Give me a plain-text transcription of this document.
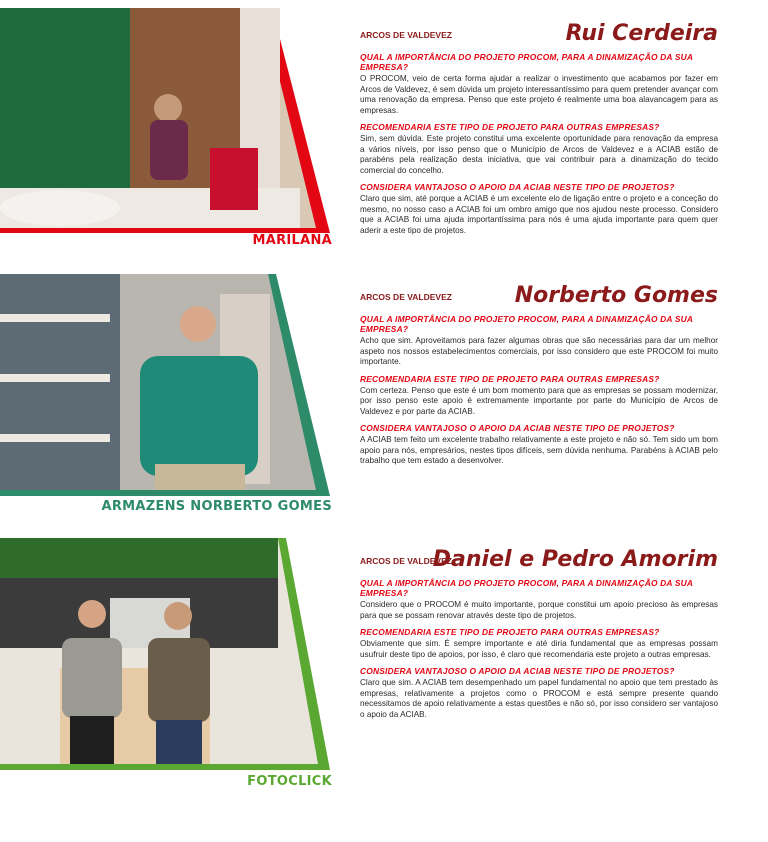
MARILANA
ARCOS DE VALDEVEZ	Rui Cerdeira
QUAL A IMPORTÂNCIA DO PROJETO PROCOM, PARA A DINAMIZAÇÃO DA SUA EMPRESA?

O PROCOM, veio de certa forma ajudar a realizar o investimento que acabamos por fazer em Arcos de Valdevez, é sem dúvida um projeto interessantíssimo para quem pretender avançar com uma renovação da empresa. Penso que este projeto é realmente uma boa alavancagem para as empresas.

RECOMENDARIA ESTE TIPO DE PROJETO PARA OUTRAS EMPRESAS?

Sim, sem dúvida. Este projeto constitui uma excelente oportunidade para renovação da empresa a vários níveis, por isso penso que o Município de Arcos de Valdevez e a ACIAB estão de parabéns pela realização desta iniciativa, que vai contribuir para a dinamização do tecido comercial do concelho.

CONSIDERA VANTAJOSO O APOIO DA ACIAB NESTE TIPO DE PROJETOS?

Claro que sim, até porque a ACIAB é um excelente elo de ligação entre o projeto e a conceção do mesmo, no nosso caso a ACIAB foi um ombro amigo que nos ajudou neste processo. Considero que a ACIAB foi uma ajuda importantíssima para nós é uma ajuda importante para quem quer aderir a este tipo de projetos.

ARMAZENS NORBERTO GOMES
ARCOS DE VALDEVEZ	Norberto Gomes
QUAL A IMPORTÂNCIA DO PROJETO PROCOM, PARA A DINAMIZAÇÃO DA SUA EMPRESA?

Acho que sim. Aproveitamos para fazer algumas obras que são necessárias para dar um melhor aspeto nos nossos estabelecimentos comerciais, por isso considero que este PROCOM foi muito importante.

RECOMENDARIA ESTE TIPO DE PROJETO PARA OUTRAS EMPRESAS?

Com certeza. Penso que este é um bom momento para que as empresas se possam modernizar, por isso penso este apoio é extremamente importante por parte do Município de Arcos de Valdevez e por parte da ACIAB.

CONSIDERA VANTAJOSO O APOIO DA ACIAB NESTE TIPO DE PROJETOS?

A ACIAB tem feito um excelente trabalho relativamente a este projeto e não só. Tem sido um bom apoio para nós, empresários, nestes tipos difíceis, sem dúvida nenhuma. Parabéns à ACIAB pelo trabalho que tem estado a desenvolver.

FOTOCLICK
ARCOS DE VALDEVEZ
Daniel e Pedro Amorim
QUAL A IMPORTÂNCIA DO PROJETO PROCOM, PARA A DINAMIZAÇÃO DA SUA EMPRESA?

Considero que o PROCOM é muito importante, porque constitui um apoio precioso às empresas para que se possam renovar através deste tipo de projetos.

RECOMENDARIA ESTE TIPO DE PROJETO PARA OUTRAS EMPRESAS?

Obviamente que sim. É sempre importante e até diria fundamental que as empresas possam usufruir deste tipo de apoios, por isso, é claro que recomendaria este projeto a outras empresas.

CONSIDERA VANTAJOSO O APOIO DA ACIAB NESTE TIPO DE PROJETOS?

Claro que sim. A ACIAB tem desempenhado um papel fundamental no apoio que tem prestado às empresas, relativamente a projetos como o PROCOM e está sempre presente quando necessitamos de apoio relativamente a estas questões e não só, por isso considero ser vantajoso o apoio da ACIAB.
